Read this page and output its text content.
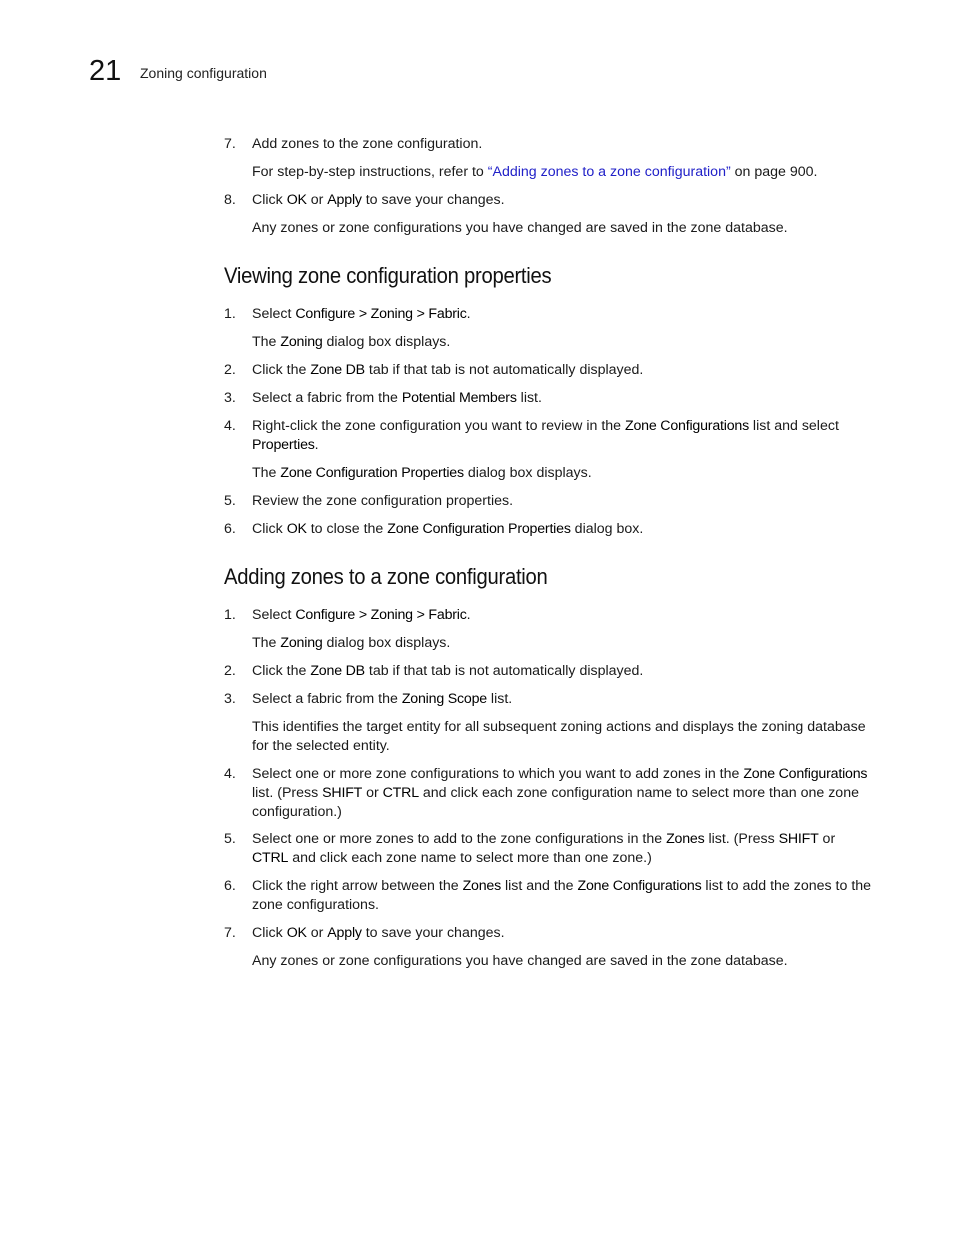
21 Zoning configuration
7.	Add zones to the zone configuration.
For step-by-step instructions, refer to “Adding zones to a zone configuration” on page 900.
8.	Click OK or Apply to save your changes.
Any zones or zone configurations you have changed are saved in the zone database.
Viewing zone configuration properties
1.	Select Configure > Zoning > Fabric.
The Zoning dialog box displays.
2.	Click the Zone DB tab if that tab is not automatically displayed.
3.	Select a fabric from the Potential Members list.
4.	Right-click the zone configuration you want to review in the Zone Configurations list and select Properties.
The Zone Configuration Properties dialog box displays.
5.	Review the zone configuration properties.
6.	Click OK to close the Zone Configuration Properties dialog box.
Adding zones to a zone configuration
1.	Select Configure > Zoning > Fabric.
The Zoning dialog box displays.
2.	Click the Zone DB tab if that tab is not automatically displayed.
3.	Select a fabric from the Zoning Scope list.
This identifies the target entity for all subsequent zoning actions and displays the zoning database for the selected entity.
4.	Select one or more zone configurations to which you want to add zones in the Zone Configurations list. (Press SHIFT or CTRL and click each zone configuration name to select more than one zone configuration.)
5.	Select one or more zones to add to the zone configurations in the Zones list. (Press SHIFT or CTRL and click each zone name to select more than one zone.)
6.	Click the right arrow between the Zones list and the Zone Configurations list to add the zones to the zone configurations.
7.	Click OK or Apply to save your changes.
Any zones or zone configurations you have changed are saved in the zone database.
